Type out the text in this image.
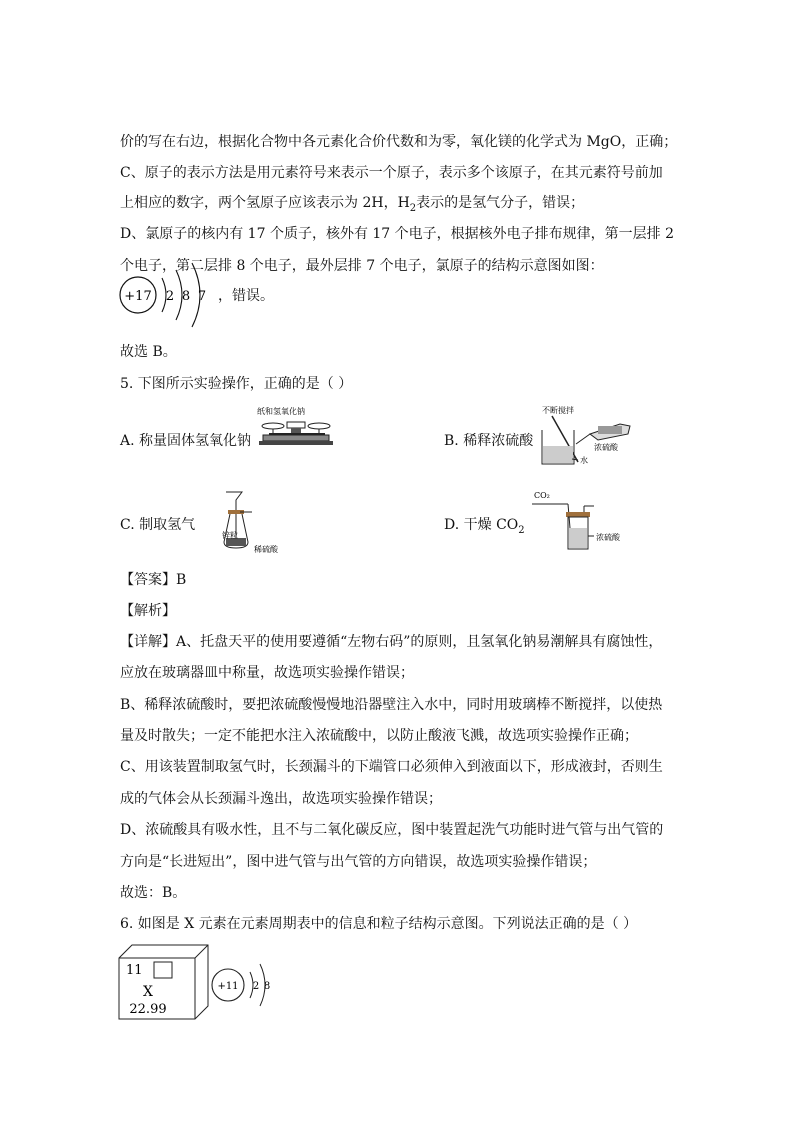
价的写在右边，根据化合物中各元素化合价代数和为零，氧化镁的化学式为 MgO，正确；
C、原子的表示方法是用元素符号来表示一个原子，表示多个该原子，在其元素符号前加
上相应的数字，两个氢原子应该表示为 2H，$H_2$表示的是氢气分子，错误；
D、氯原子的核内有 17 个质子，核外有 17 个电子，根据核外电子排布规律，第一层排 2
个电子，第二层排 8 个电子，最外层排 7 个电子，氯原子的结构示意图如图：
+17 2 8 7 ，错误。
故选 B。
5. 下图所示实验操作，正确的是（ ）
A. 称量固体氢氧化钠
纸和氢氧化钠
B. 稀释浓硫酸
不断搅拌
浓硫酸
水
C. 制取氢气
锌粒
稀硫酸
D. 干燥 $CO_2$
CO₂
浓硫酸
【答案】B
【解析】
【详解】A、托盘天平的使用要遵循“左物右码”的原则，且氢氧化钠易潮解具有腐蚀性，
应放在玻璃器皿中称量，故选项实验操作错误；
B、稀释浓硫酸时，要把浓硫酸慢慢地沿器壁注入水中，同时用玻璃棒不断搅拌，以使热
量及时散失；一定不能把水注入浓硫酸中，以防止酸液飞溅，故选项实验操作正确；
C、用该装置制取氢气时，长颈漏斗的下端管口必须伸入到液面以下，形成液封，否则生
成的气体会从长颈漏斗逸出，故选项实验操作错误；
D、浓硫酸具有吸水性，且不与二氧化碳反应，图中装置起洗气功能时进气管与出气管的
方向是“长进短出”，图中进气管与出气管的方向错误，故选项实验操作错误；
故选：B。
6. 如图是 X 元素在元素周期表中的信息和粒子结构示意图。下列说法正确的是（ ）
11
X
22.99
+11 2 8
